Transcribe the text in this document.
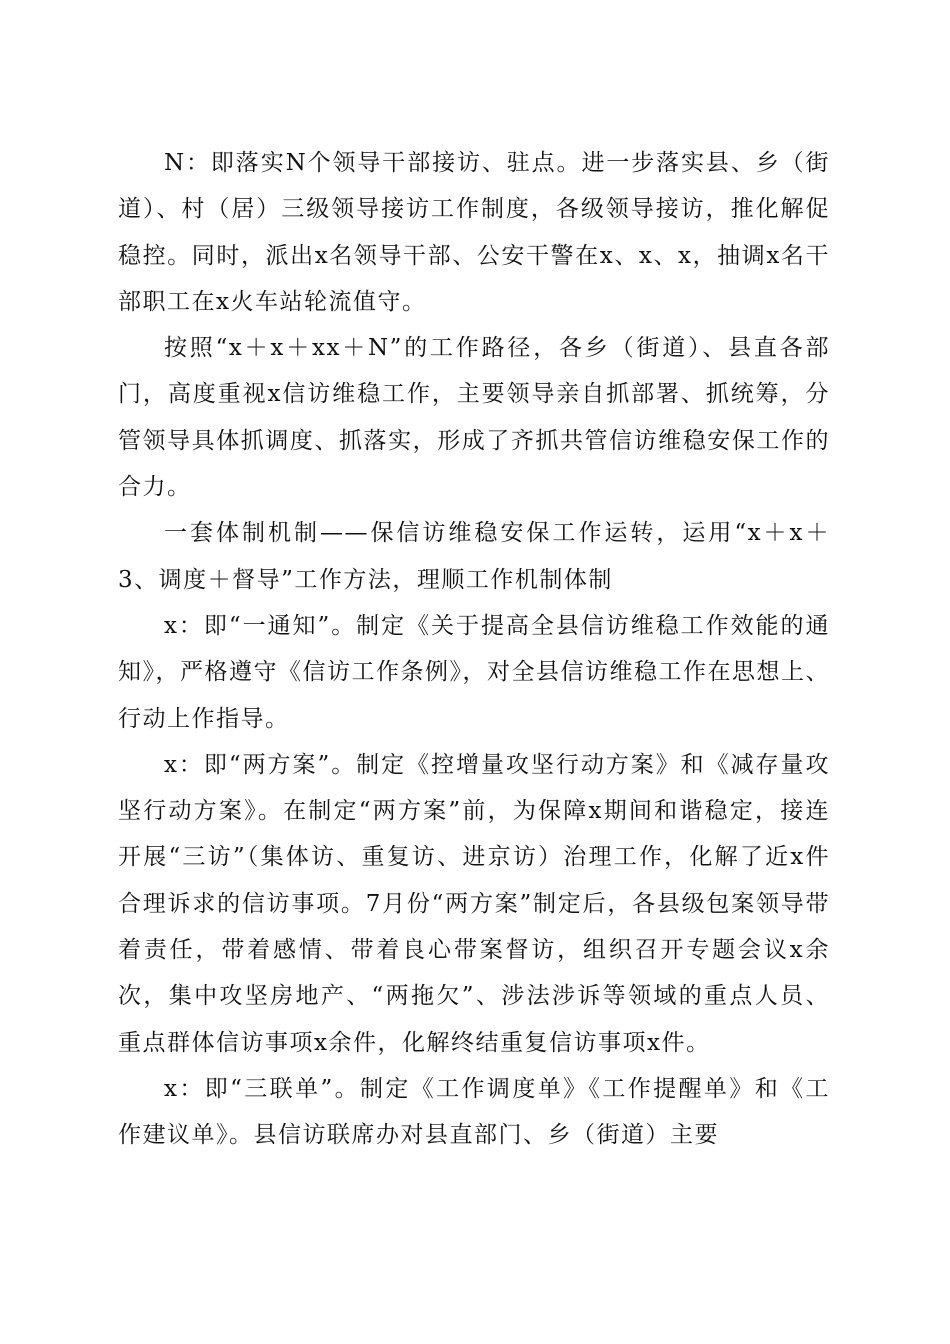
N：即落实N个领导干部接访、驻点。进一步落实县、乡（街道）、村（居）三级领导接访工作制度，各级领导接访，推化解促稳控。同时，派出x名领导干部、公安干警在x、x、x，抽调x名干部职工在x火车站轮流值守。

按照“x＋x＋xx＋N”的工作路径，各乡（街道）、县直各部门，高度重视x信访维稳工作，主要领导亲自抓部署、抓统筹，分管领导具体抓调度、抓落实，形成了齐抓共管信访维稳安保工作的合力。

一套体制机制——保信访维稳安保工作运转，运用“x＋x＋3、调度＋督导”工作方法，理顺工作机制体制

x：即“一通知”。制定《关于提高全县信访维稳工作效能的通知》，严格遵守《信访工作条例》，对全县信访维稳工作在思想上、行动上作指导。

x：即“两方案”。制定《控增量攻坚行动方案》和《减存量攻坚行动方案》。在制定“两方案”前，为保障x期间和谐稳定，接连开展“三访”（集体访、重复访、进京访）治理工作，化解了近x件合理诉求的信访事项。7月份“两方案”制定后，各县级包案领导带着责任，带着感情、带着良心带案督访，组织召开专题会议x余次，集中攻坚房地产、“两拖欠”、涉法涉诉等领域的重点人员、重点群体信访事项x余件，化解终结重复信访事项x件。

x：即“三联单”。制定《工作调度单》《工作提醒单》和《工作建议单》。县信访联席办对县直部门、乡（街道）主要
